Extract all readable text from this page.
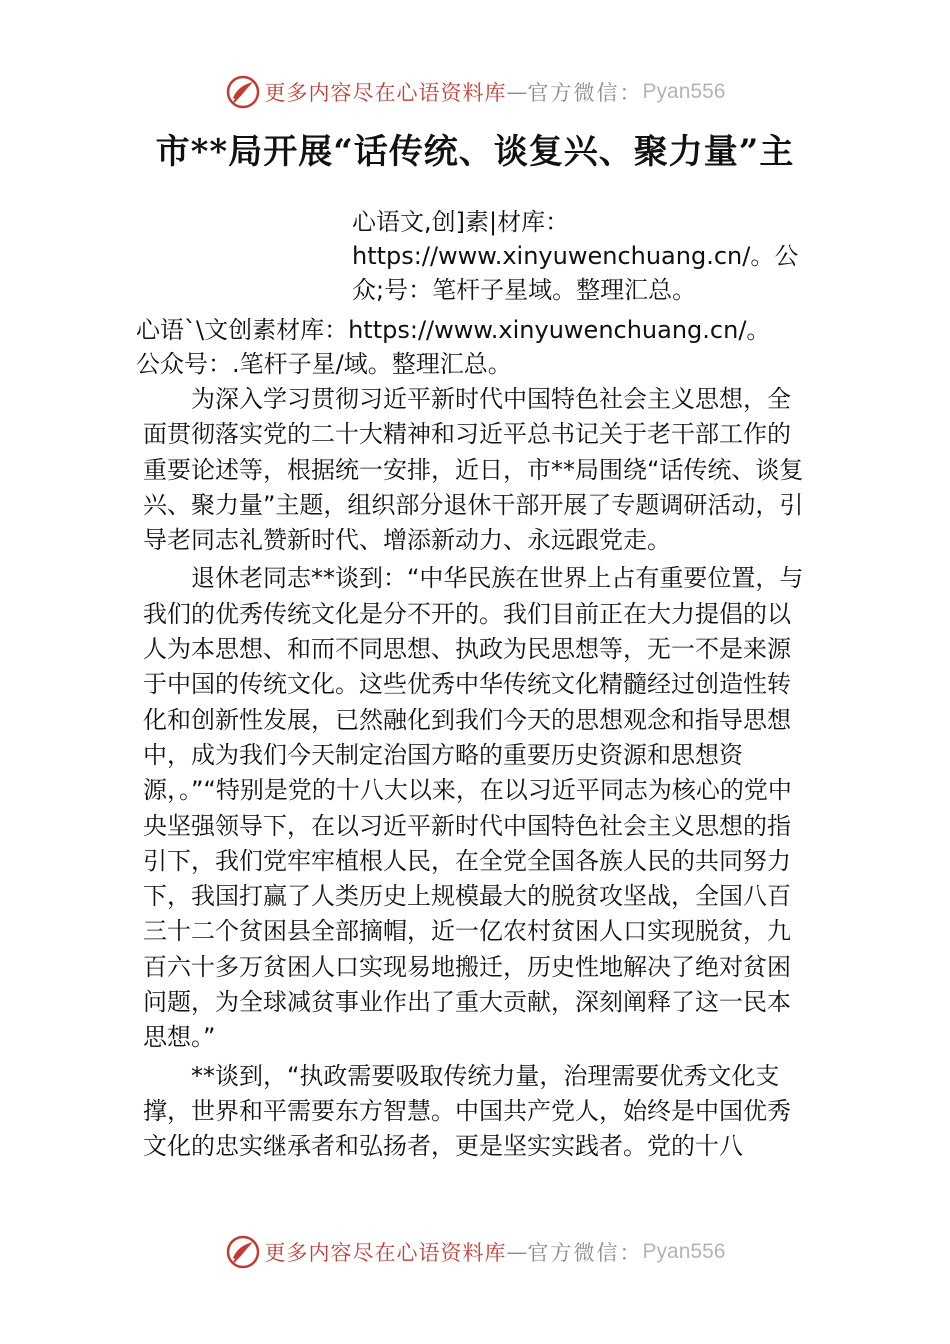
更多内容尽在心语资料库 — 官方微信： Pyan556
市**局开展“话传统、谈复兴、聚力量”主
心语文,创]素|材库：https://www.xinyuwenchuang.cn/。公众;号：笔杆子星域。整理汇总。
心语`\文创素材库：https://www.xinyuwenchuang.cn/。
公众号：.笔杆子星/域。整理汇总。

为深入学习贯彻习近平新时代中国特色社会主义思想，全面贯彻落实党的二十大精神和习近平总书记关于老干部工作的重要论述等，根据统一安排，近日，市**局围绕“话传统、谈复兴、聚力量”主题，组织部分退休干部开展了专题调研活动，引导老同志礼赞新时代、增添新动力、永远跟党走。

退休老同志**谈到：“中华民族在世界上占有重要位置，与我们的优秀传统文化是分不开的。我们目前正在大力提倡的以人为本思想、和而不同思想、执政为民思想等，无一不是来源于中国的传统文化。这些优秀中华传统文化精髓经过创造性转化和创新性发展，已然融化到我们今天的思想观念和指导思想中，成为我们今天制定治国方略的重要历史资源和思想资源，。”“特别是党的十八大以来，在以习近平同志为核心的党中央坚强领导下，在以习近平新时代中国特色社会主义思想的指引下，我们党牢牢植根人民，在全党全国各族人民的共同努力下，我国打赢了人类历史上规模最大的脱贫攻坚战，全国八百三十二个贫困县全部摘帽，近一亿农村贫困人口实现脱贫，九百六十多万贫困人口实现易地搬迁，历史性地解决了绝对贫困问题，为全球减贫事业作出了重大贡献，深刻阐释了这一民本思想。”

**谈到，“执政需要吸取传统力量，治理需要优秀文化支撑，世界和平需要东方智慧。中国共产党人，始终是中国优秀文化的忠实继承者和弘扬者，更是坚实实践者。党的十八

更多内容尽在心语资料库 — 官方微信： Pyan556
